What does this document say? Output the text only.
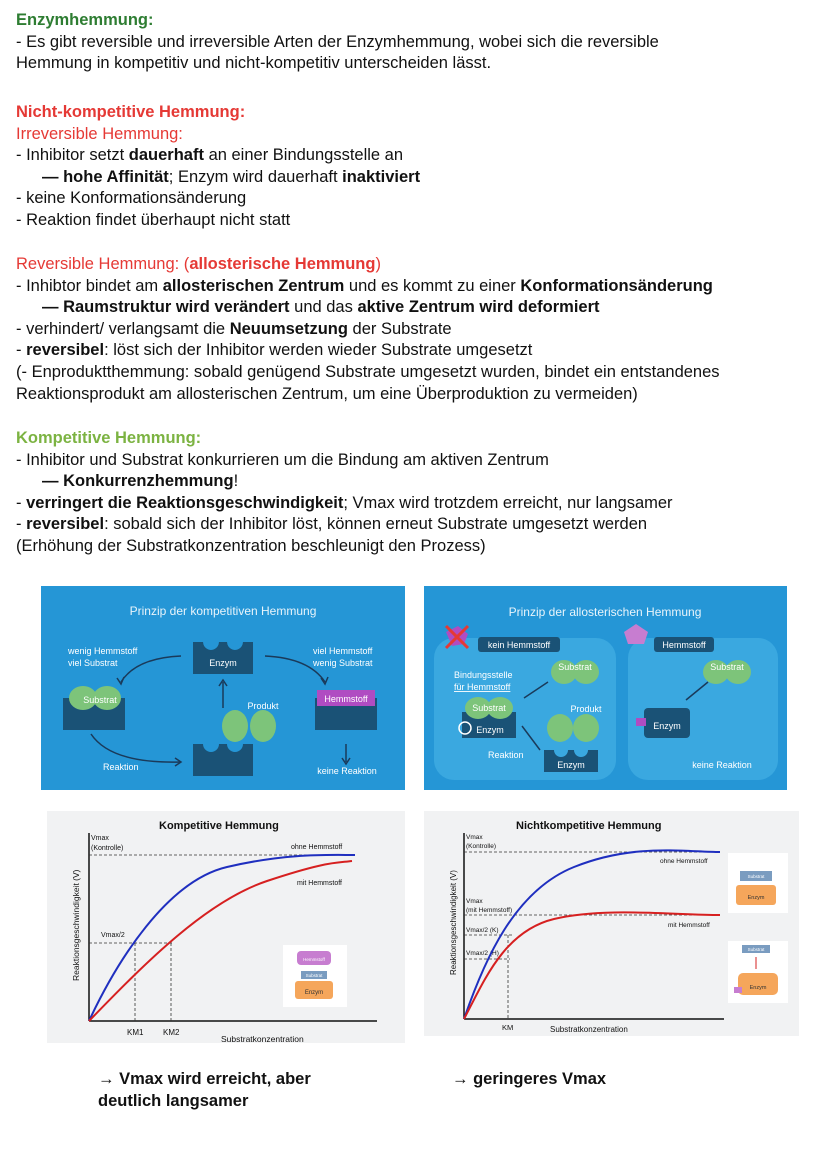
Enzymhemmung:
- Es gibt reversible und irreversible Arten der Enzymhemmung, wobei sich die reversible
Hemmung in kompetitiv und nicht-kompetitiv unterscheiden lässt.
Nicht-kompetitive Hemmung:
Irreversible Hemmung:
- Inhibitor setzt dauerhaft an einer Bindungsstelle an
— hohe Affinität; Enzym wird dauerhaft inaktiviert
- keine Konformationsänderung
- Reaktion findet überhaupt nicht statt
Reversible Hemmung: (allosterische Hemmung)
- Inhibtor bindet am allosterischen Zentrum und es kommt zu einer Konformationsänderung
— Raumstruktur wird verändert und das aktive Zentrum wird deformiert
- verhindert/ verlangsamt die Neuumsetzung der Substrate
- reversibel: löst sich der Inhibitor werden wieder Substrate umgesetzt
(- Enproduktthemmung: sobald genügend Substrate umgesetzt wurden, bindet ein entstandenes
Reaktionsprodukt am allosterischen Zentrum, um eine Überproduktion zu vermeiden)
Kompetitive Hemmung:
- Inhibitor und Substrat konkurrieren um die Bindung am aktiven Zentrum
— Konkurrenzhemmung!
- verringert die Reaktionsgeschwindigkeit; Vmax wird trotzdem erreicht, nur langsamer
- reversibel: sobald sich der Inhibitor löst, können erneut Substrate umgesetzt werden
(Erhöhung der Substratkonzentration beschleunigt den Prozess)
Prinzip der kompetitiven Hemmung
wenig Hemmstoff
viel Substrat
viel Hemmstoff
wenig Substrat
Enzym
Substrat	Hemmstoff
Produkt
Reaktion	keine Reaktion
Prinzip der allosterischen Hemmung
kein Hemmstoff	Hemmstoff
Substrat
Bindungsstelle
für Hemmstoff
Substrat
Enzym
Produkt
Enzym
Reaktion
Substrat
Enzym
keine Reaktion
Kompetitive Hemmung
Reaktionsgeschwindigkeit (V)
Substratkonzentration
Vmax
(Kontrolle)
Vmax/2
KM1 KM2
ohne Hemmstoff
mit Hemmstoff
Hemmstoff
Substrat
Enzym
Nichtkompetitive Hemmung
Reaktionsgeschwindigkeit (V)
Substratkonzentration
Vmax
(Kontrolle)
Vmax
(mit Hemmstoff)
Vmax/2 (K)
Vmax/2 (H)
KM
ohne Hemmstoff
mit Hemmstoff
Substrat
Enzym
Substrat
Enzym
→ Vmax wird erreicht, aber
deutlich langsamer
→ geringeres Vmax
